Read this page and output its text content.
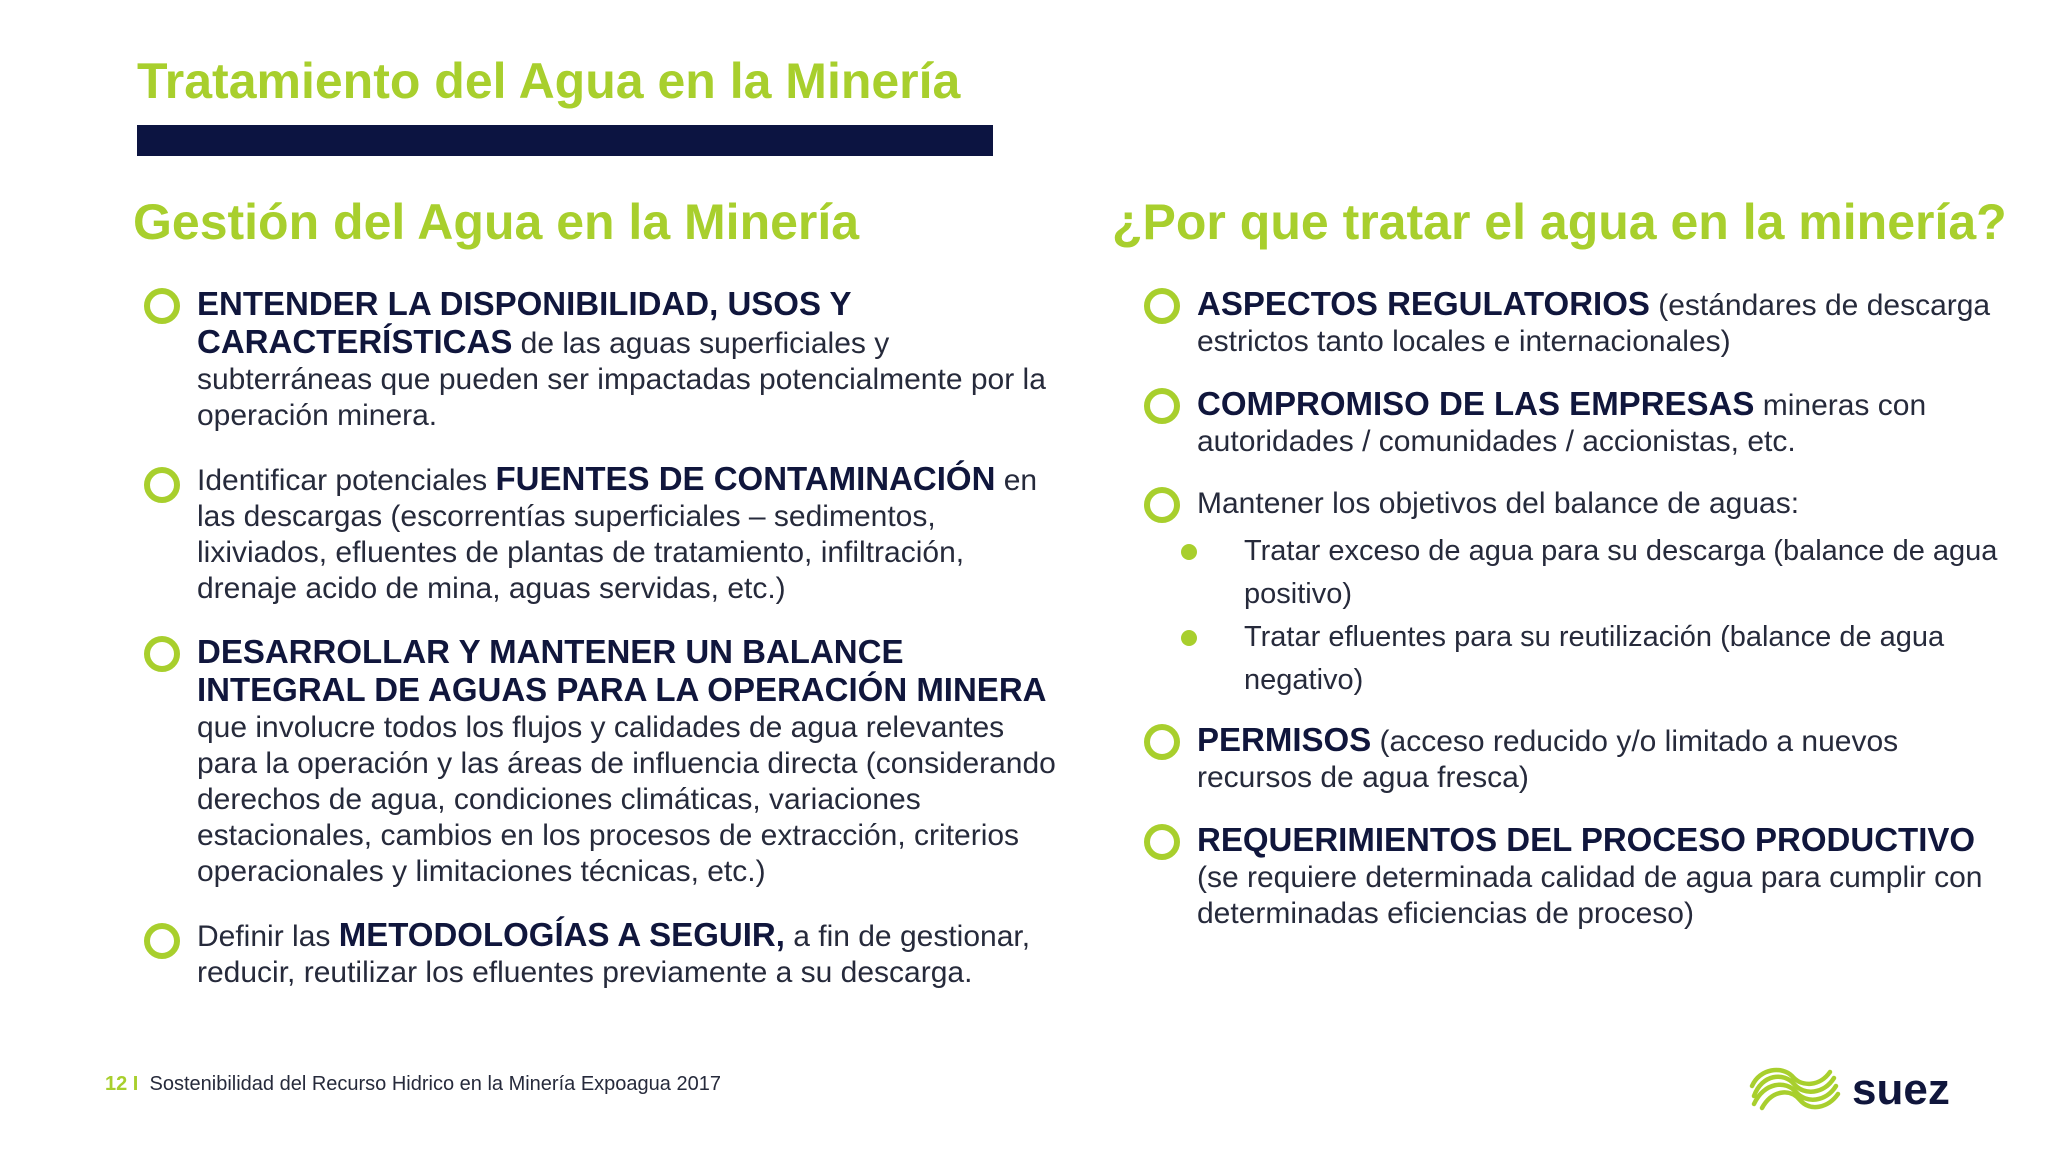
Tratamiento del Agua en la Minería
Gestión del Agua en la Minería
ENTENDER LA DISPONIBILIDAD, USOS Y CARACTERÍSTICAS de las aguas superficiales y subterráneas que pueden ser impactadas potencialmente por la operación minera.
Identificar potenciales FUENTES DE CONTAMINACIÓN en las descargas (escorrentías superficiales – sedimentos, lixiviados, efluentes de plantas de tratamiento, infiltración, drenaje acido de mina, aguas servidas, etc.)
DESARROLLAR Y MANTENER UN BALANCE INTEGRAL DE AGUAS PARA LA OPERACIÓN MINERA que involucre todos los flujos y calidades de agua relevantes para la operación y las áreas de influencia directa (considerando derechos de agua, condiciones climáticas, variaciones estacionales, cambios en los procesos de extracción, criterios operacionales y limitaciones técnicas, etc.)
Definir las METODOLOGÍAS A SEGUIR, a fin de gestionar, reducir, reutilizar los efluentes previamente a su descarga.
¿Por que tratar el agua en la minería?
ASPECTOS REGULATORIOS (estándares de descarga estrictos tanto locales e internacionales)
COMPROMISO DE LAS EMPRESAS mineras con autoridades / comunidades / accionistas, etc.
Mantener los objetivos del balance de aguas:
Tratar exceso de agua para su descarga (balance de agua positivo)
Tratar efluentes para su reutilización (balance de agua negativo)
PERMISOS (acceso reducido y/o limitado a nuevos recursos de agua fresca)
REQUERIMIENTOS DEL PROCESO PRODUCTIVO (se requiere determinada calidad de agua para cumplir con determinadas eficiencias de proceso)
12 I Sostenibilidad del Recurso Hidrico en la Minería Expoagua 2017	suez
